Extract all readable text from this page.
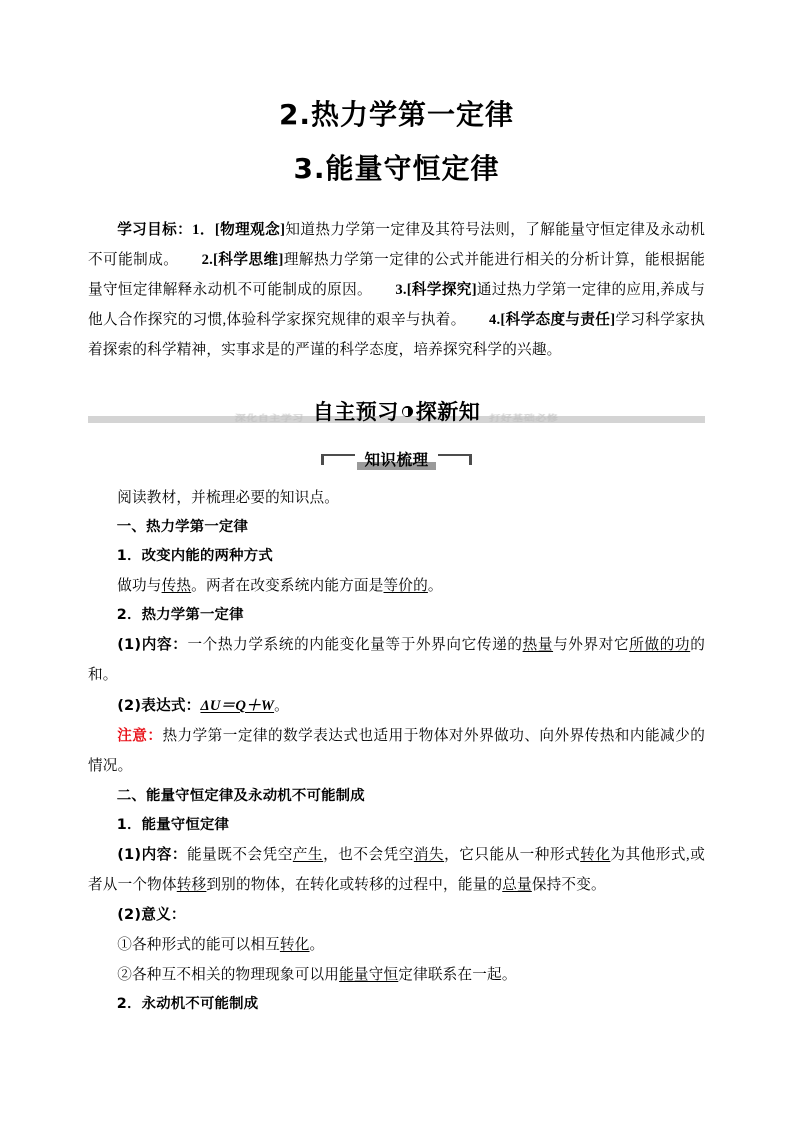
2.热力学第一定律
3.能量守恒定律
学习目标：1．[物理观念]知道热力学第一定律及其符号法则，了解能量守恒定律及永动机不可能制成。 2.[科学思维]理解热力学第一定律的公式并能进行相关的分析计算，能根据能量守恒定律解释永动机不可能制成的原因。 3.[科学探究]通过热力学第一定律的应用,养成与他人合作探究的习惯,体验科学家探究规律的艰辛与执着。 4.[科学态度与责任]学习科学家执着探索的科学精神，实事求是的严谨的科学态度，培养探究科学的兴趣。
深化自主学习 自主预习 探新知 打好基础必修
知识梳理
阅读教材，并梳理必要的知识点。
一、热力学第一定律
1．改变内能的两种方式
做功与传热。两者在改变系统内能方面是等价的。
2．热力学第一定律
(1)内容：一个热力学系统的内能变化量等于外界向它传递的热量与外界对它所做的功的和。
(2)表达式：ΔU＝Q＋W。
注意：热力学第一定律的数学表达式也适用于物体对外界做功、向外界传热和内能减少的情况。
二、能量守恒定律及永动机不可能制成
1．能量守恒定律
(1)内容：能量既不会凭空产生，也不会凭空消失，它只能从一种形式转化为其他形式,或者从一个物体转移到别的物体，在转化或转移的过程中，能量的总量保持不变。
(2)意义：
①各种形式的能可以相互转化。
②各种互不相关的物理现象可以用能量守恒定律联系在一起。
2．永动机不可能制成
